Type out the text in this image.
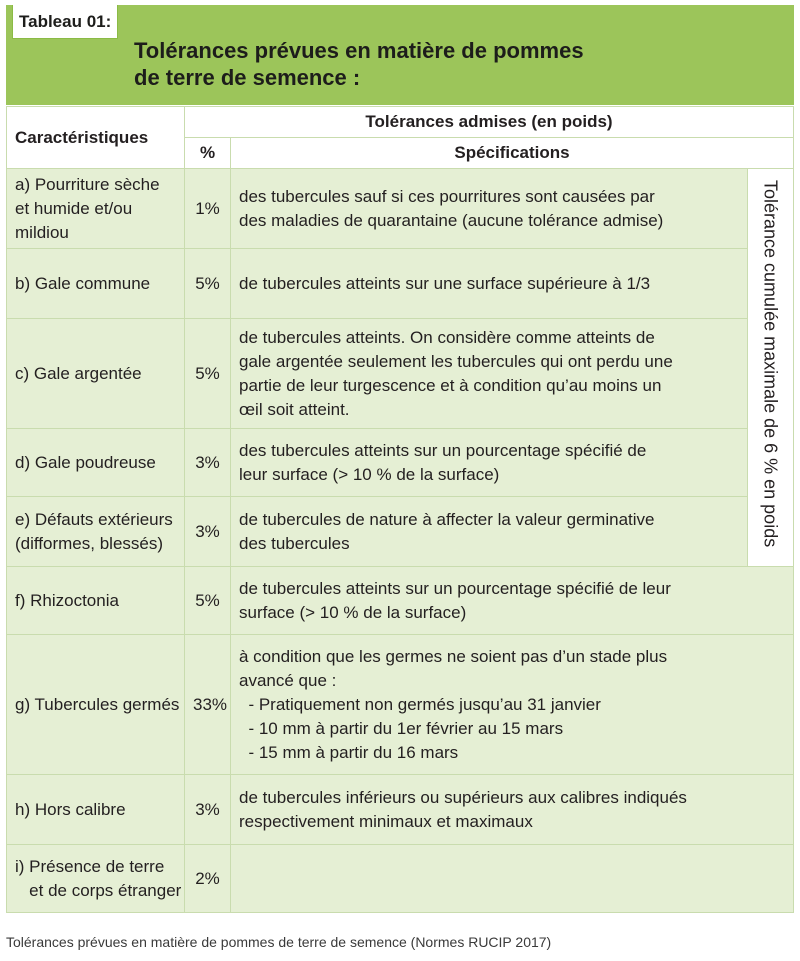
Tableau 01:
Tolérances prévues en matière de pommes
de terre de semence :
Caractéristiques	Tolérances admises (en poids)		
	%	Spécifications	

a) Pourriture sèche
et humide et/ou
mildiou	1%	des tubercules sauf si ces pourritures sont causées par
des maladies de quarantaine (aucune tolérance admise)	Tolérance cumulée maximale de 6 % en poids

b) Gale commune	5%	de tubercules atteints sur une surface supérieure à 1/3	

c) Gale argentée	5%	de tubercules atteints. On considère comme atteints de
gale argentée seulement les tubercules qui ont perdu une
partie de leur turgescence et à condition qu’au moins un
œil soit atteint.	

d) Gale poudreuse	3%	des tubercules atteints sur un pourcentage spécifié de
leur surface (> 10 % de la surface)	

e) Défauts extérieurs
(difformes, blessés)	3%	de tubercules de nature à affecter la valeur germinative
des tubercules	

f) Rhizoctonia	5%	de tubercules atteints sur un pourcentage spécifié de leur
surface (> 10 % de la surface)	

g) Tubercules germés	33%	à condition que les germes ne soient pas d’un stade plus
avancé que :
- Pratiquement non germés jusqu’au 31 janvier
- 10 mm à partir du 1er février au 15 mars
- 15 mm à partir du 16 mars	

h) Hors calibre	3%	de tubercules inférieurs ou supérieurs aux calibres indiqués
respectivement minimaux et maximaux	

i) Présence de terre
et de corps étranger	2%		
Tolérances prévues en matière de pommes de terre de semence (Normes RUCIP 2017)
